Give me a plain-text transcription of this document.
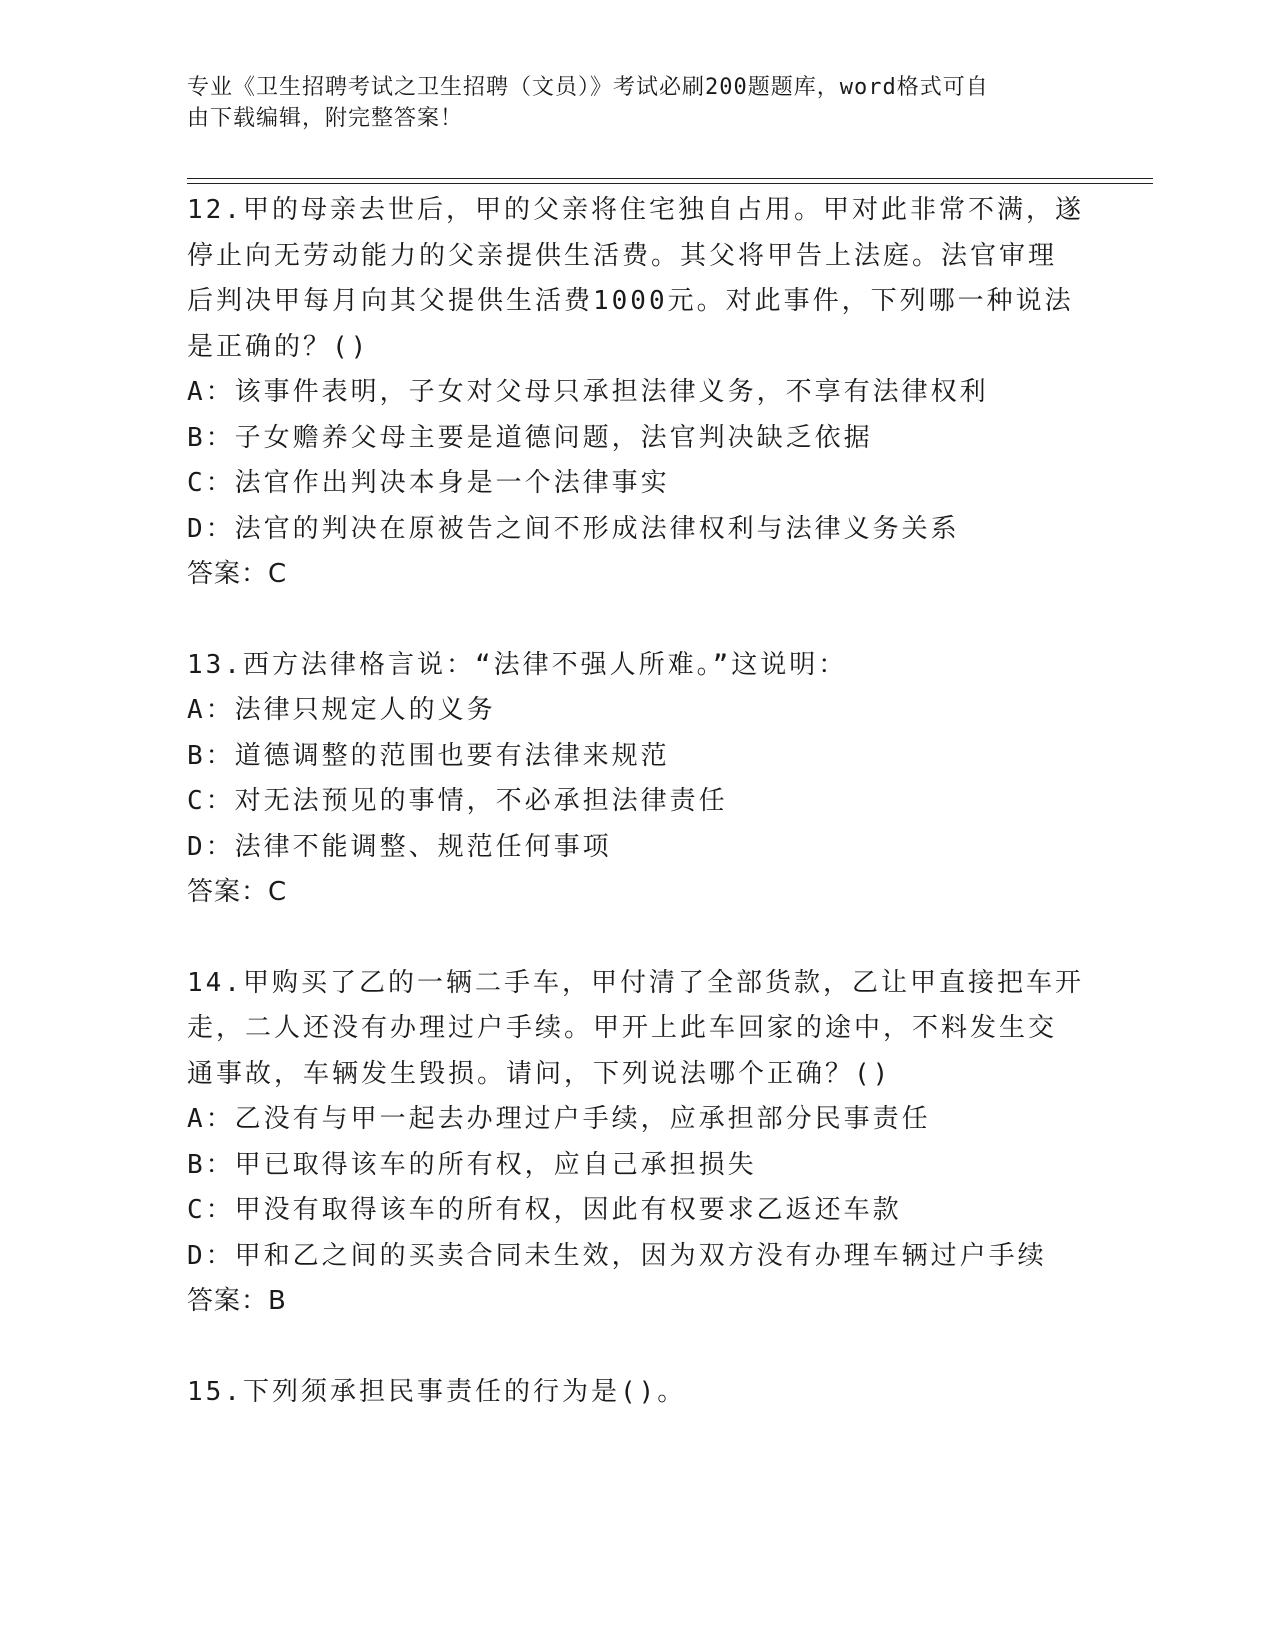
专业《卫生招聘考试之卫生招聘（文员）》考试必刷200题题库，word格式可自
由下载编辑，附完整答案！
12.甲的母亲去世后，甲的父亲将住宅独自占用。甲对此非常不满，遂
停止向无劳动能力的父亲提供生活费。其父将甲告上法庭。法官审理
后判决甲每月向其父提供生活费1000元。对此事件，下列哪一种说法
是正确的？()
A：该事件表明，子女对父母只承担法律义务，不享有法律权利
B：子女赡养父母主要是道德问题，法官判决缺乏依据
C：法官作出判决本身是一个法律事实
D：法官的判决在原被告之间不形成法律权利与法律义务关系
答案：C
13.西方法律格言说：“法律不强人所难。”这说明：
A：法律只规定人的义务
B：道德调整的范围也要有法律来规范
C：对无法预见的事情，不必承担法律责任
D：法律不能调整、规范任何事项
答案：C
14.甲购买了乙的一辆二手车，甲付清了全部货款，乙让甲直接把车开
走，二人还没有办理过户手续。甲开上此车回家的途中，不料发生交
通事故，车辆发生毁损。请问，下列说法哪个正确？()
A：乙没有与甲一起去办理过户手续，应承担部分民事责任
B：甲已取得该车的所有权，应自己承担损失
C：甲没有取得该车的所有权，因此有权要求乙返还车款
D：甲和乙之间的买卖合同未生效，因为双方没有办理车辆过户手续
答案：B
15.下列须承担民事责任的行为是()。
